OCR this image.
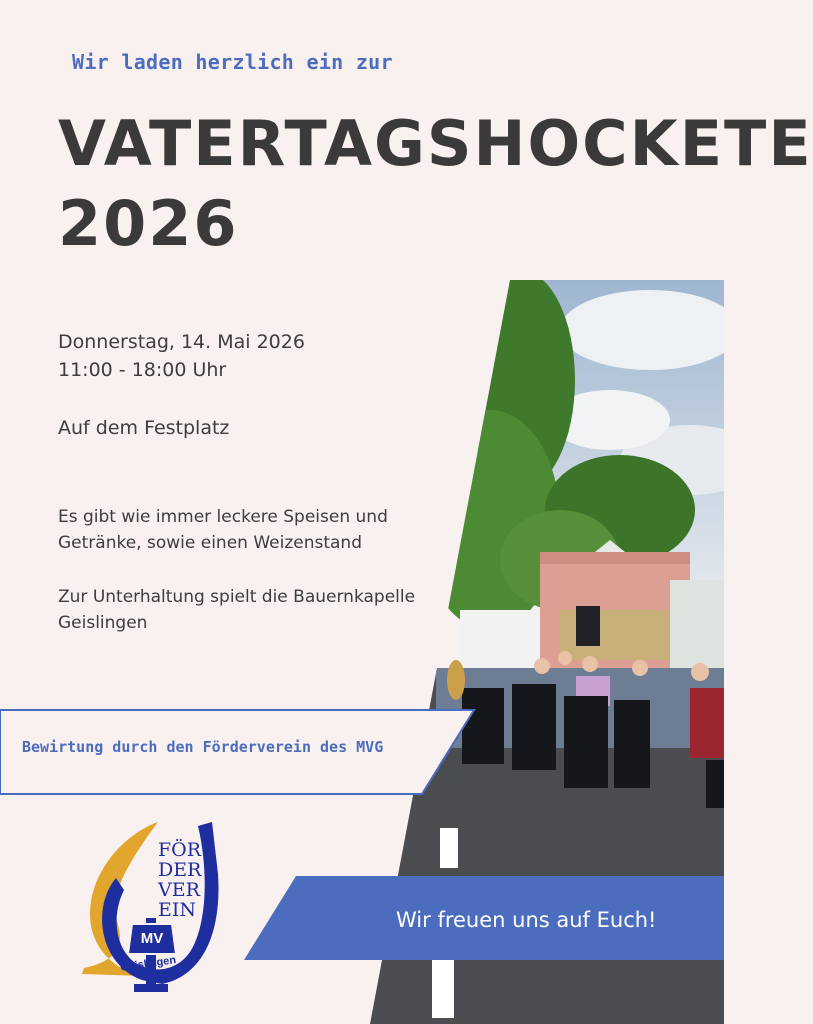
Wir laden herzlich ein zur
VATERTAGSHOCKETE
2026
Donnerstag, 14. Mai 2026
11:00 - 18:00 Uhr
Auf dem Festplatz
Es gibt wie immer leckere Speisen und
Getränke, sowie einen Weizenstand
Zur Unterhaltung spielt die Bauernkapelle
Geislingen
Bewirtung durch den Förderverein des MVG
Wir freuen uns auf Euch!
FÖR
DER
VER
EIN
MV
Geislingen
